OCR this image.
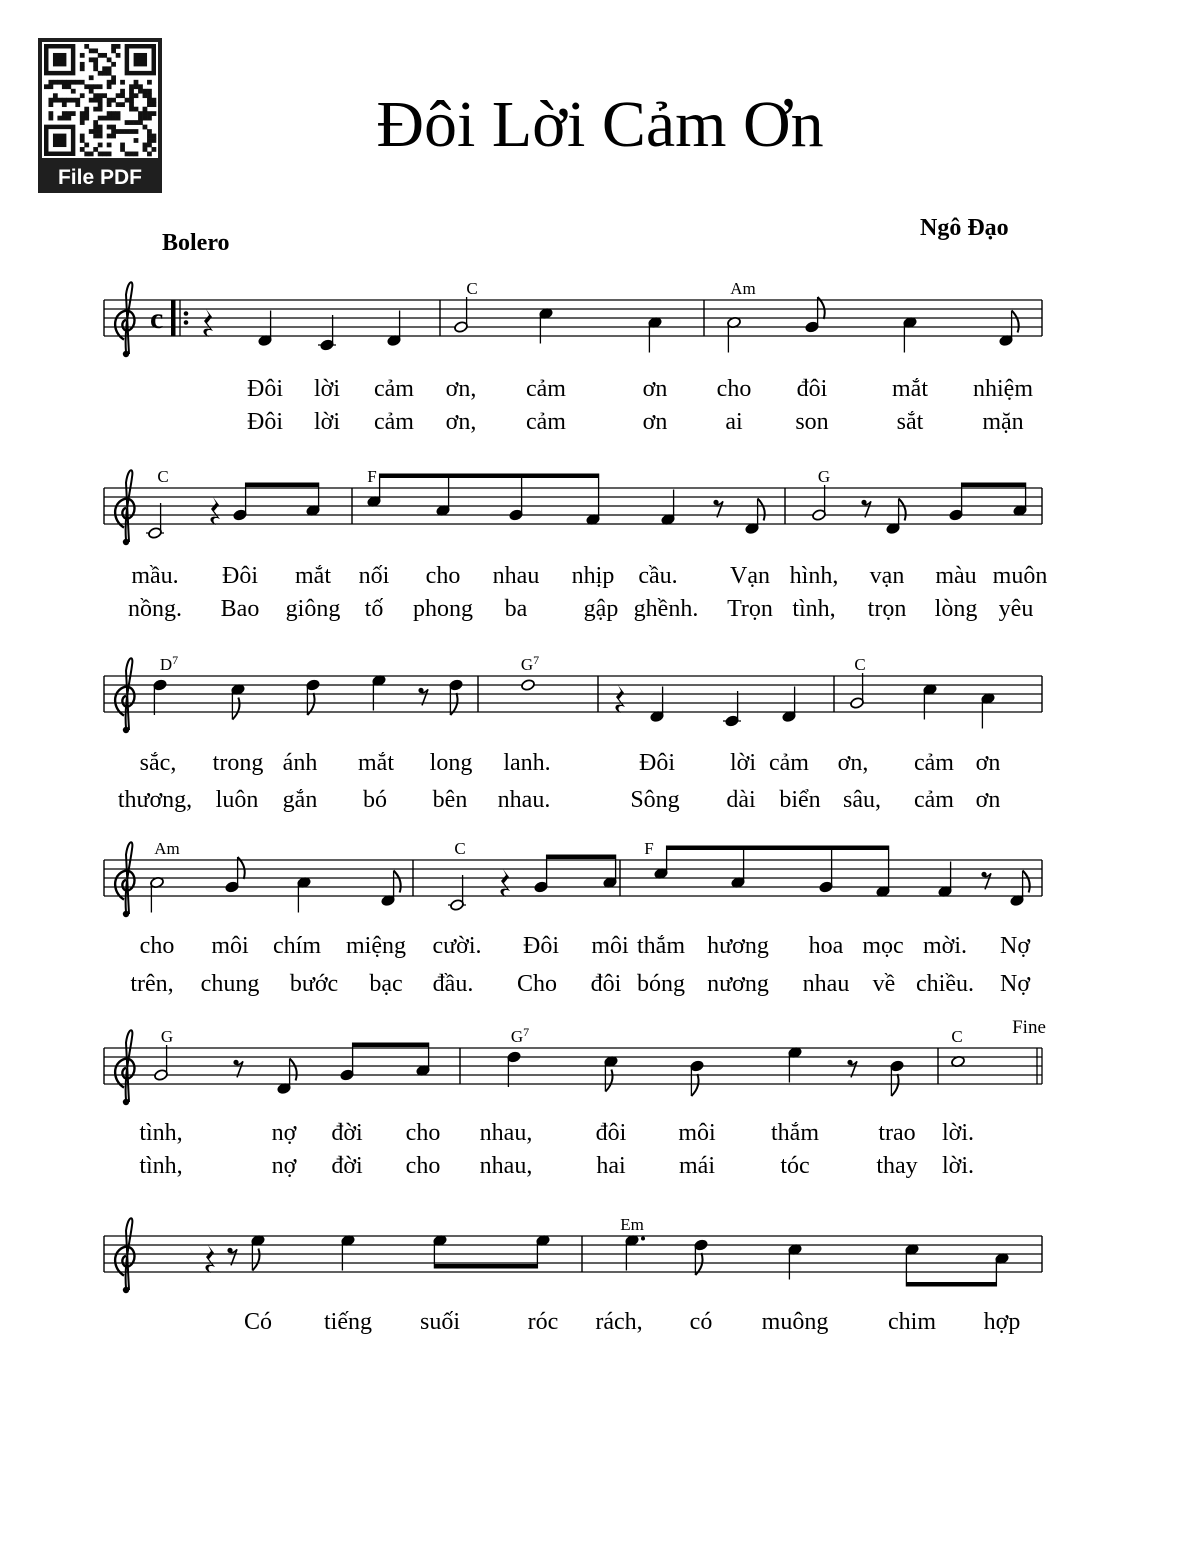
File PDF
Đôi Lời Cảm Ơn
Bolero
Ngô Đạo
c
C	Am
C	F	G
$D^7$	$G^7$	C
Am	C	F
G	$G^7$	C
Em
Fine
Đôi lời cảm ơn, cảm	ơn cho đôi	mắt nhiệm
Đôi lời cảm ơn, cảm	ơn ai son	sắt mặn
mầu. Đôi mắt nối cho nhau nhịp cầu. Vạn hình, vạn màu muôn
nồng. Bao giông tố phong ba gập ghềnh. Trọn tình, trọn lòng yêu
sắc, trong ánh mắt long lanh.	Đôi lời cảm ơn, cảm ơn
thương, luôn gắn bó bên nhau.	Sông dài biển sâu, cảm ơn
cho môi chím miệng cười. Đôi môi thắm hương hoa mọc mời. Nợ
trên, chung bước bạc đầu. Cho đôi bóng nương nhau về chiều. Nợ
tình,	nợ đời cho nhau,	đôi môi thắm trao lời.
tình,	nợ đời cho nhau,	hai mái	tóc	thay lời.
Có tiếng suối	róc rách, có muông chim hợp
